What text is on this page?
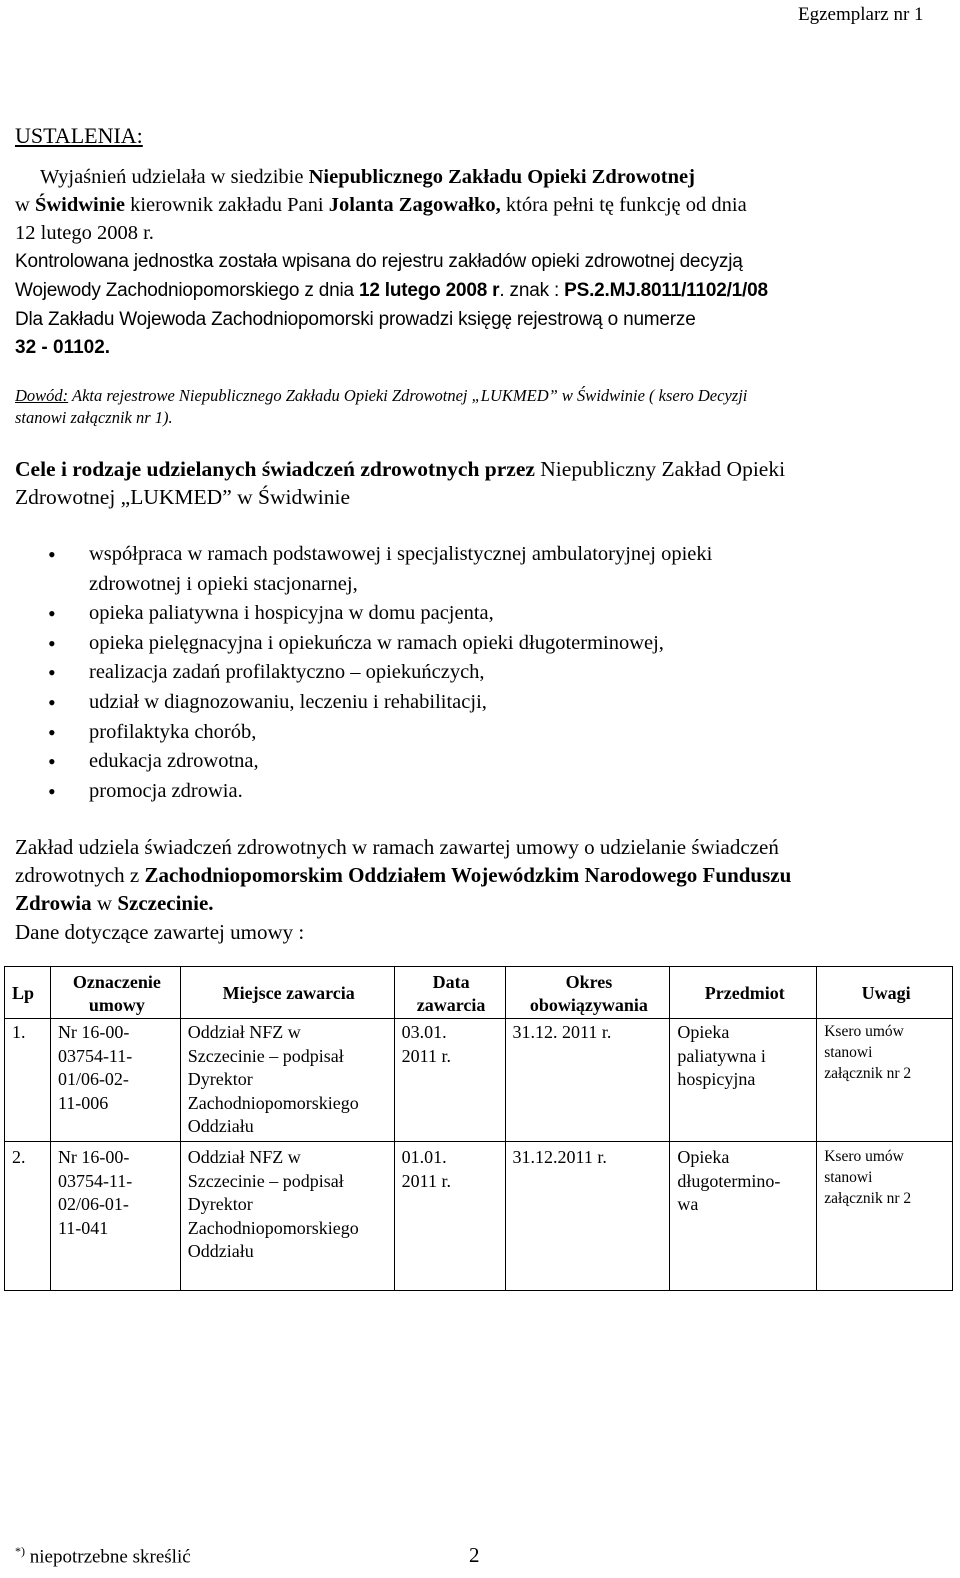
Egzemplarz nr 1
USTALENIA:
Wyjaśnień udzielała w siedzibie Niepublicznego Zakładu Opieki Zdrowotnej
w Świdwinie kierownik zakładu Pani Jolanta Zagowałko, która pełni tę funkcję od dnia
12 lutego 2008 r.
Kontrolowana jednostka została wpisana do rejestru zakładów opieki zdrowotnej decyzją
Wojewody Zachodniopomorskiego z dnia 12 lutego 2008 r. znak : PS.2.MJ.8011/1102/1/08
Dla Zakładu Wojewoda Zachodniopomorski prowadzi księgę rejestrową o numerze
32 - 01102.
Dowód: Akta rejestrowe Niepublicznego Zakładu Opieki Zdrowotnej „LUKMED” w Świdwinie ( ksero Decyzji
stanowi załącznik nr 1).
Cele i rodzaje udzielanych świadczeń zdrowotnych przez Niepubliczny Zakład Opieki
Zdrowotnej „LUKMED” w Świdwinie
• współpraca w ramach podstawowej i specjalistycznej ambulatoryjnej opieki
zdrowotnej i opieki stacjonarnej,
• opieka paliatywna i hospicyjna w domu pacjenta,
• opieka pielęgnacyjna i opiekuńcza w ramach opieki długoterminowej,
• realizacja zadań profilaktyczno – opiekuńczych,
• udział w diagnozowaniu, leczeniu i rehabilitacji,
• profilaktyka chorób,
• edukacja zdrowotna,
• promocja zdrowia.
Zakład udziela świadczeń zdrowotnych w ramach zawartej umowy o udzielanie świadczeń
zdrowotnych z Zachodniopomorskim Oddziałem Wojewódzkim Narodowego Funduszu
Zdrowia w Szczecinie.
Dane dotyczące zawartej umowy :
Lp	Oznaczenie
umowy	Miejsce zawarcia	Data
zawarcia	Okres
obowiązywania	Przedmiot	Uwagi
1.	Nr 16-00-
03754-11-
01/06-02-
11-006	Oddział NFZ w
Szczecinie – podpisał
Dyrektor
Zachodniopomorskiego
Oddziału	03.01.
2011 r.	31.12. 2011 r.	Opieka
paliatywna i
hospicyjna	Ksero umów
stanowi
załącznik nr 2
2.	Nr 16-00-
03754-11-
02/06-01-
11-041	Oddział NFZ w
Szczecinie – podpisał
Dyrektor
Zachodniopomorskiego
Oddziału	01.01.
2011 r.	31.12.2011 r.	Opieka
długotermino-
wa	Ksero umów
stanowi
załącznik nr 2
*) niepotrzebne skreślić	2
